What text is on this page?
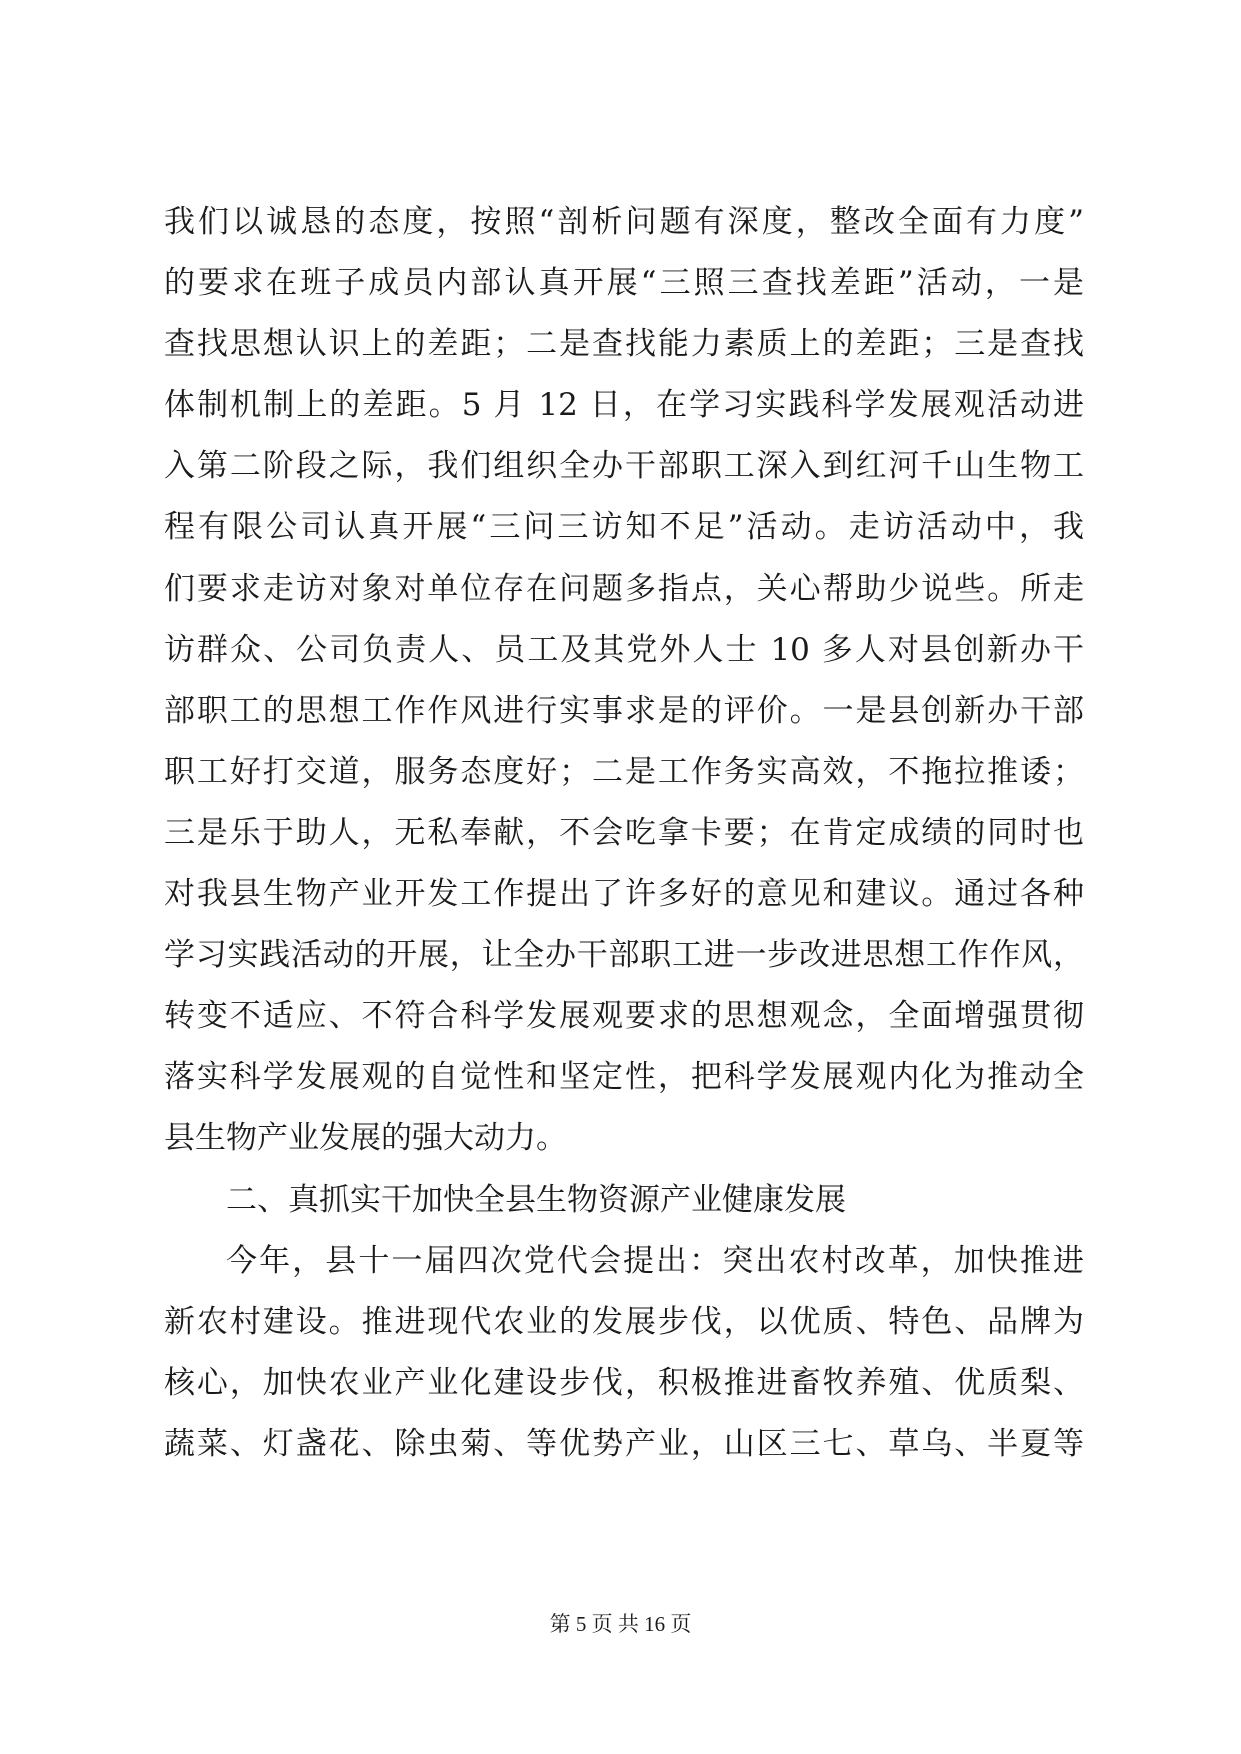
我们以诚恳的态度，按照“剖析问题有深度，整改全面有力度”
的要求在班子成员内部认真开展“三照三查找差距”活动，一是
查找思想认识上的差距；二是查找能力素质上的差距；三是查找
体制机制上的差距。5 月 12 日，在学习实践科学发展观活动进
入第二阶段之际，我们组织全办干部职工深入到红河千山生物工
程有限公司认真开展“三问三访知不足”活动。走访活动中，我
们要求走访对象对单位存在问题多指点，关心帮助少说些。所走
访群众、公司负责人、员工及其党外人士 10 多人对县创新办干
部职工的思想工作作风进行实事求是的评价。一是县创新办干部
职工好打交道，服务态度好；二是工作务实高效，不拖拉推诿；
三是乐于助人，无私奉献，不会吃拿卡要；在肯定成绩的同时也
对我县生物产业开发工作提出了许多好的意见和建议。通过各种
学习实践活动的开展，让全办干部职工进一步改进思想工作作风，
转变不适应、不符合科学发展观要求的思想观念，全面增强贯彻
落实科学发展观的自觉性和坚定性，把科学发展观内化为推动全
县生物产业发展的强大动力。
二、真抓实干加快全县生物资源产业健康发展
今年，县十一届四次党代会提出：突出农村改革，加快推进
新农村建设。推进现代农业的发展步伐，以优质、特色、品牌为
核心，加快农业产业化建设步伐，积极推进畜牧养殖、优质梨、
蔬菜、灯盏花、除虫菊、等优势产业，山区三七、草乌、半夏等
第 5 页 共 16 页
